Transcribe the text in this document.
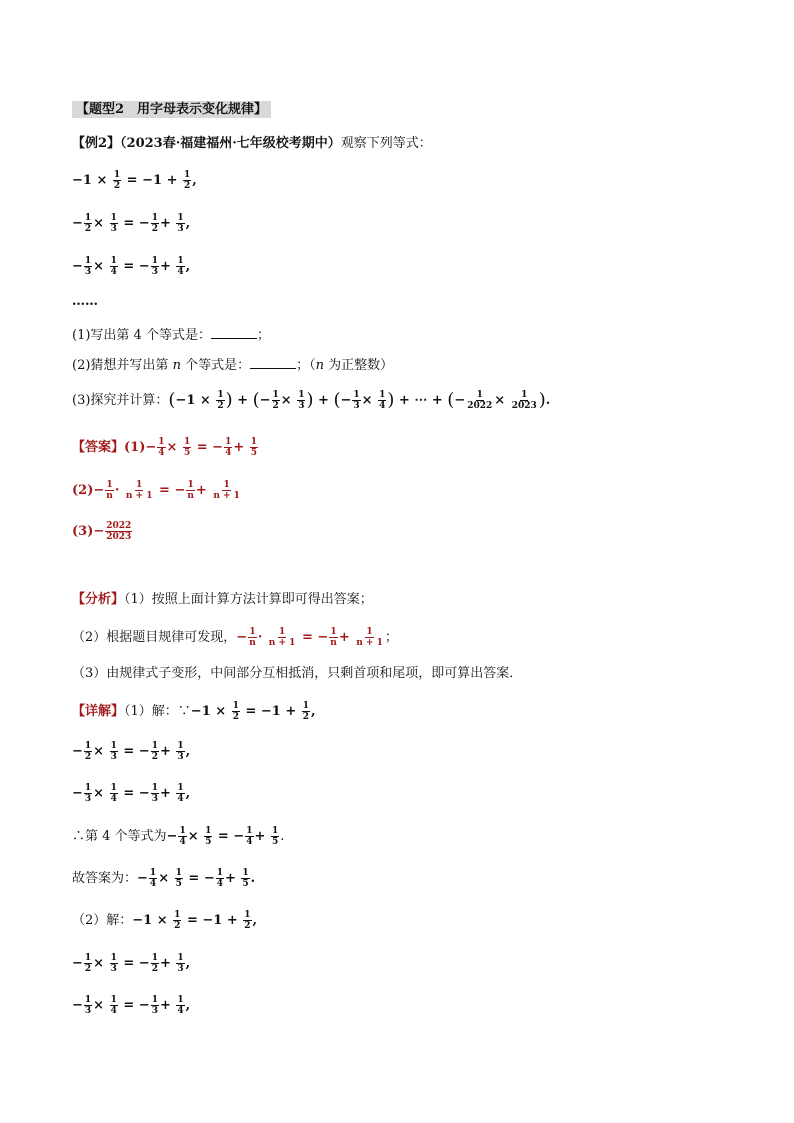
【题型2　用字母表示变化规律】
【例2】（2023春·福建福州·七年级校考期中）观察下列等式：
$-1 \times \frac{1}{2} = -1 + \frac{1}{2}$ ,
− $\frac{1}{2} \times \frac{1}{3}$ = − $\frac{1}{2} + \frac{1}{3}$ ,
− $\frac{1}{3} \times \frac{1}{4}$ = − $\frac{1}{3} + \frac{1}{4}$ ,
……
(1)写出第 4 个等式是：	；
(2)猜想并写出第 n 个等式是：	；（n 为正整数）
(3)探究并计算：($-1 \times \frac{1}{2}$ ) + (− $\frac{1}{2} \times \frac{1}{3}$ ) + (− $\frac{1}{3} \times \frac{1}{4}$ ) + ⋯ + (− $\frac{1}{2022} \times \frac{1}{2023}$ ).
【答案】$(1)- \frac{1}{4} \times \frac{1}{5}$ = − $\frac{1}{4} + \frac{1}{5}$
$(2)- \frac{1}{n} \cdot \frac{1}{n + 1}$ = − $\frac{1}{n} + \frac{1}{n + 1}$
$(3)- \frac{2022}{2023}$
【分析】（1）按照上面计算方法计算即可得出答案；
（2）根据题目规律可发现，− $\frac{1}{n} \cdot \frac{1}{n + 1}$ = − $\frac{1}{n} + \frac{1}{n + 1}$ ；
（3）由规律式子变形，中间部分互相抵消，只剩首项和尾项，即可算出答案．
【详解】（1）解：∵−1 × $\frac{1}{2} = -1 + \frac{1}{2}$ ,
− $\frac{1}{2} \times \frac{1}{3}$ = − $\frac{1}{2} + \frac{1}{3}$ ,
− $\frac{1}{3} \times \frac{1}{4}$ = − $\frac{1}{3} + \frac{1}{4}$ ,
∴第 4 个等式为− $\frac{1}{4} \times \frac{1}{5}$ = − $\frac{1}{4} + \frac{1}{5}$ .
故答案为：− $\frac{1}{4} \times \frac{1}{5}$ = − $\frac{1}{4} + \frac{1}{5}$ .
（2）解：$-1 \times \frac{1}{2} = -1 + \frac{1}{2}$ ,
− $\frac{1}{2} \times \frac{1}{3}$ = − $\frac{1}{2} + \frac{1}{3}$ ,
− $\frac{1}{3} \times \frac{1}{4}$ = − $\frac{1}{3} + \frac{1}{4}$ ,
